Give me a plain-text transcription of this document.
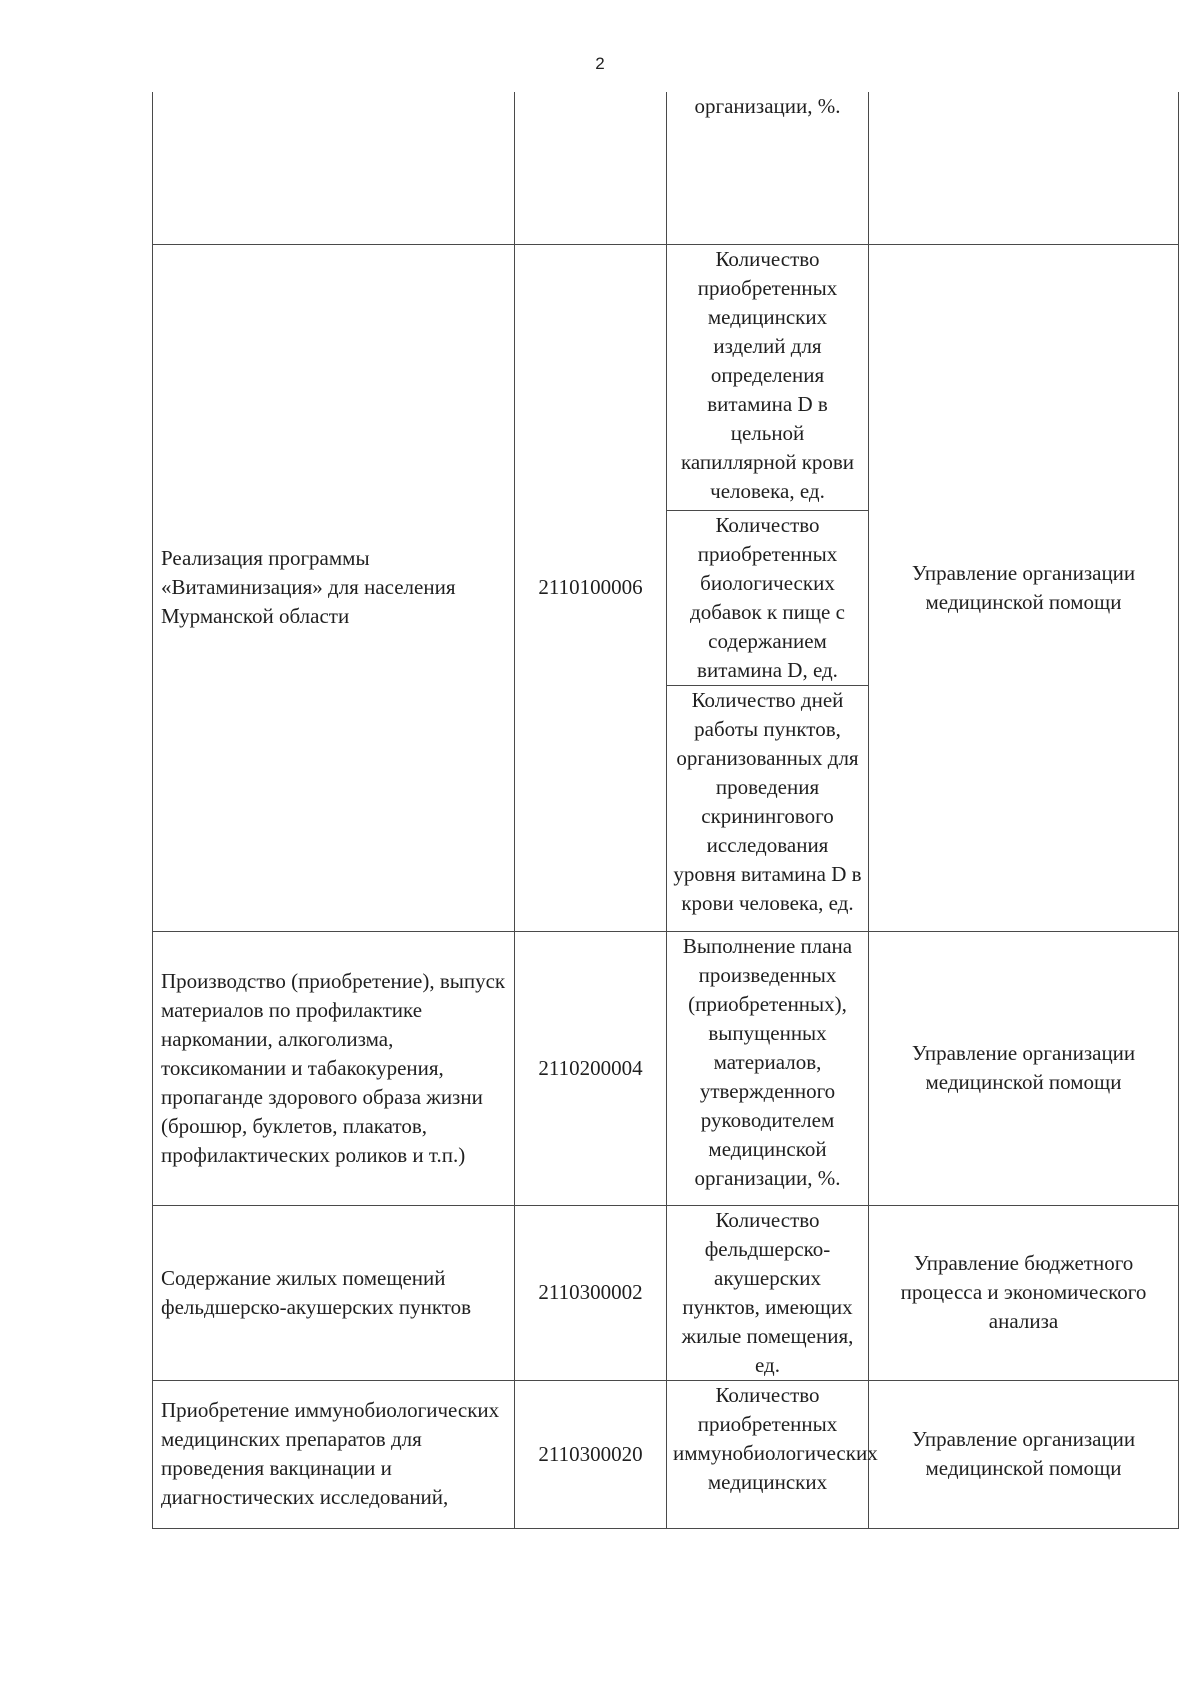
2
		организации, %.	
Реализация программы «Витаминизация» для населения Мурманской области	2110100006	Количество приобретенных медицинских изделий для определения витамина D в цельной капиллярной крови человека, ед.	Управление организации медицинской помощи
		Количество приобретенных биологических добавок к пище с содержанием витамина D, ед.	
		Количество дней работы пунктов, организованных для проведения скринингового исследования уровня витамина D в крови человека, ед.	
Производство (приобретение), выпуск материалов по профилактике наркомании, алкоголизма, токсикомании и табакокурения, пропаганде здорового образа жизни (брошюр, буклетов, плакатов, профилактических роликов и т.п.)	2110200004	Выполнение плана произведенных (приобретенных), выпущенных материалов, утвержденного руководителем медицинской организации, %.	Управление организации медицинской помощи
Содержание жилых помещений фельдшерско-акушерских пунктов	2110300002	Количество фельдшерско-акушерских пунктов, имеющих жилые помещения, ед.	Управление бюджетного процесса и экономического анализа
Приобретение иммунобиологических медицинских препаратов для проведения вакцинации и диагностических исследований,	2110300020	Количество приобретенных иммунобиологических медицинских	Управление организации медицинской помощи
